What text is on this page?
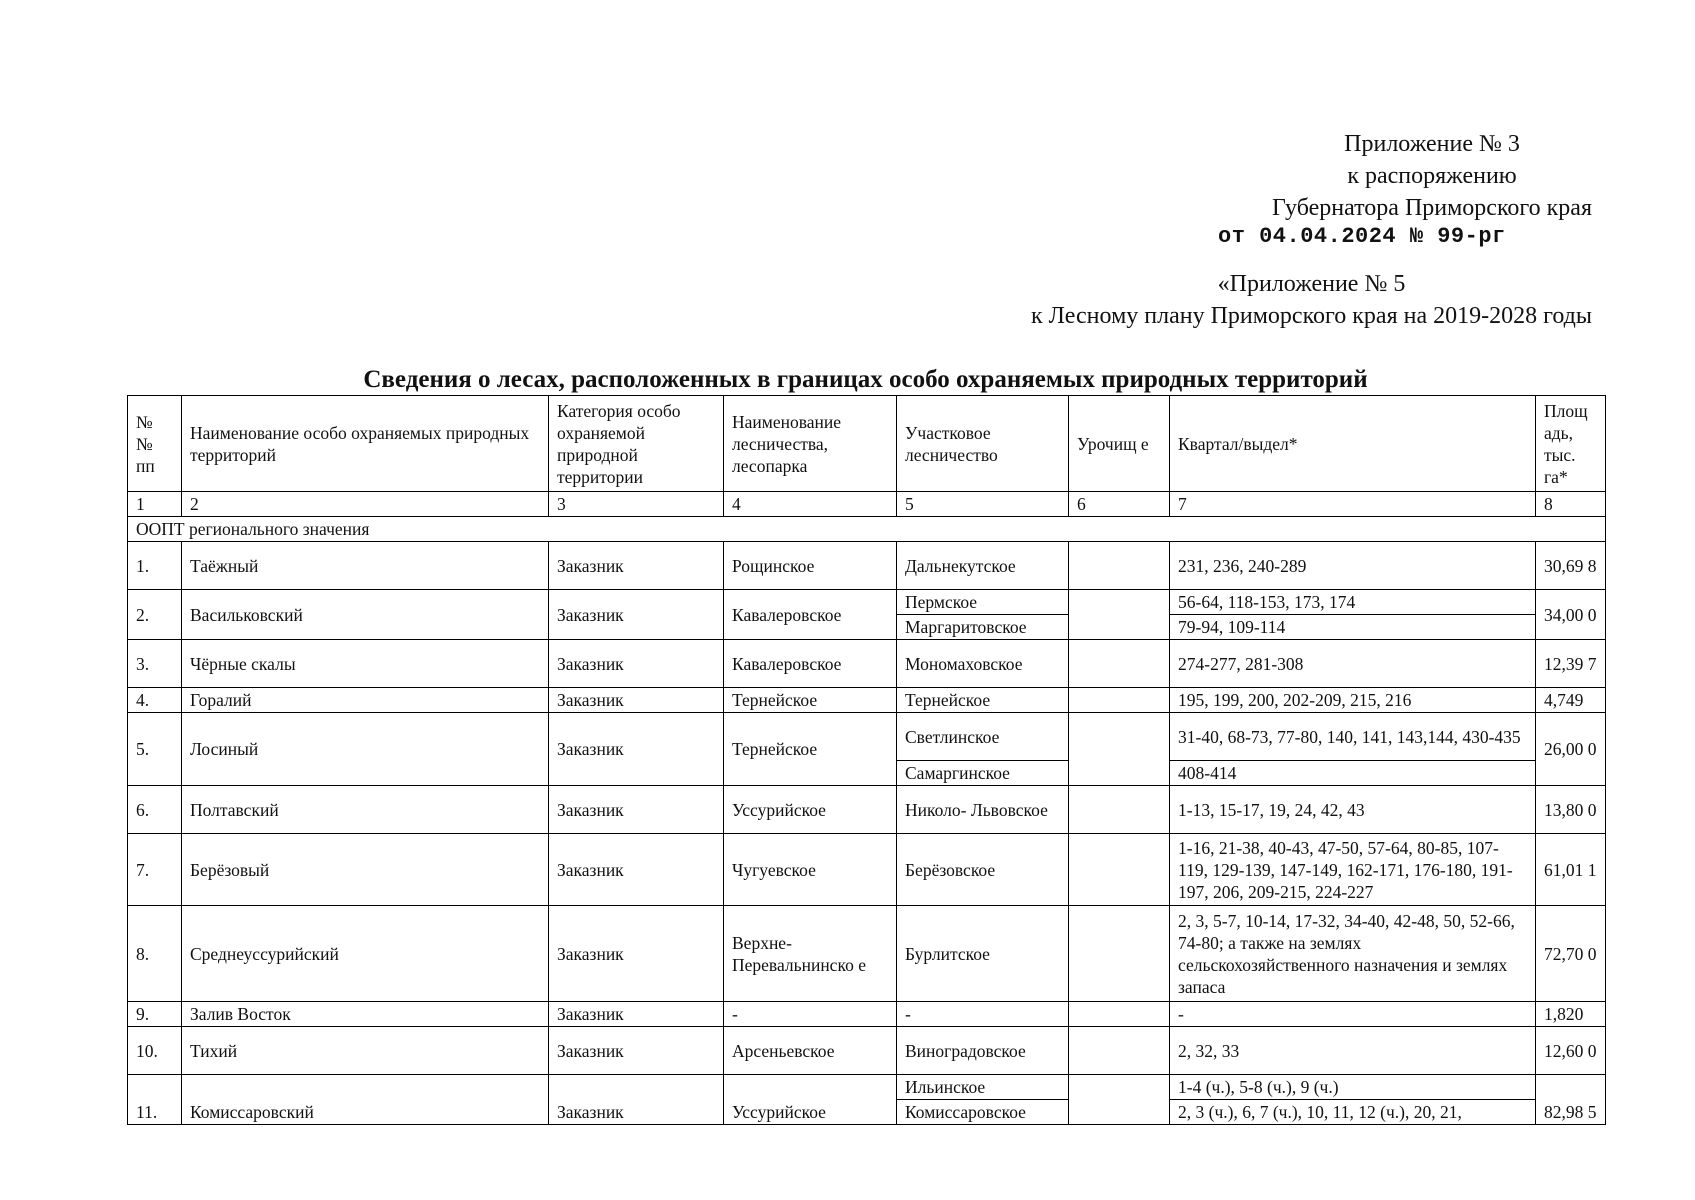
Приложение № 3
к распоряжению
Губернатора Приморского края
от 04.04.2024 № 99-рг
«Приложение № 5
к Лесному плану Приморского края на 2019-2028 годы
Сведения о лесах, расположенных в границах особо охраняемых природных территорий
№ № пп	Наименование особо охраняемых природных территорий	Категория особо охраняемой природной территории	Наименование лесничества, лесопарка	Участковое лесничество	Урочищ е	Квартал/выдел*	Площ адь, тыс. га*
1	2	3	4	5	6	7	8
ООПТ регионального значения							
1.	Таёжный	Заказник	Рощинское	Дальнекутское		231, 236, 240-289	30,69 8
2.	Васильковский	Заказник	Кавалеровское	Пермское		56-64, 118-153, 173, 174	34,00 0
				Маргаритовское		79-94, 109-114	
3.	Чёрные скалы	Заказник	Кавалеровское	Мономаховское		274-277, 281-308	12,39 7
4.	Горалий	Заказник	Тернейское	Тернейское		195, 199, 200, 202-209, 215, 216	4,749
5.	Лосиный	Заказник	Тернейское	Светлинское		31-40, 68-73, 77-80, 140, 141, 143,144, 430-435	26,00 0
				Самаргинское		408-414	
6.	Полтавский	Заказник	Уссурийское	Николо- Львовское		1-13, 15-17, 19, 24, 42, 43	13,80 0
7.	Берёзовый	Заказник	Чугуевское	Берёзовское		1-16, 21-38, 40-43, 47-50, 57-64, 80-85, 107-119, 129-139, 147-149, 162-171, 176-180, 191-197, 206, 209-215, 224-227	61,01 1
8.	Среднеуссурийский	Заказник	Верхне- Перевальнинско е	Бурлитское		2, 3, 5-7, 10-14, 17-32, 34-40, 42-48, 50, 52-66, 74-80; а также на землях сельскохозяйственного назначения и землях запаса	72,70 0
9.	Залив Восток	Заказник	-	-		-	1,820
10.	Тихий	Заказник	Арсеньевское	Виноградовское		2, 32, 33	12,60 0
11.	Комиссаровский	Заказник	Уссурийское	Ильинское		1-4 (ч.), 5-8 (ч.), 9 (ч.)	82,98 5
				Комиссаровское		2, 3 (ч.), 6, 7 (ч.), 10, 11, 12 (ч.), 20, 21,	
